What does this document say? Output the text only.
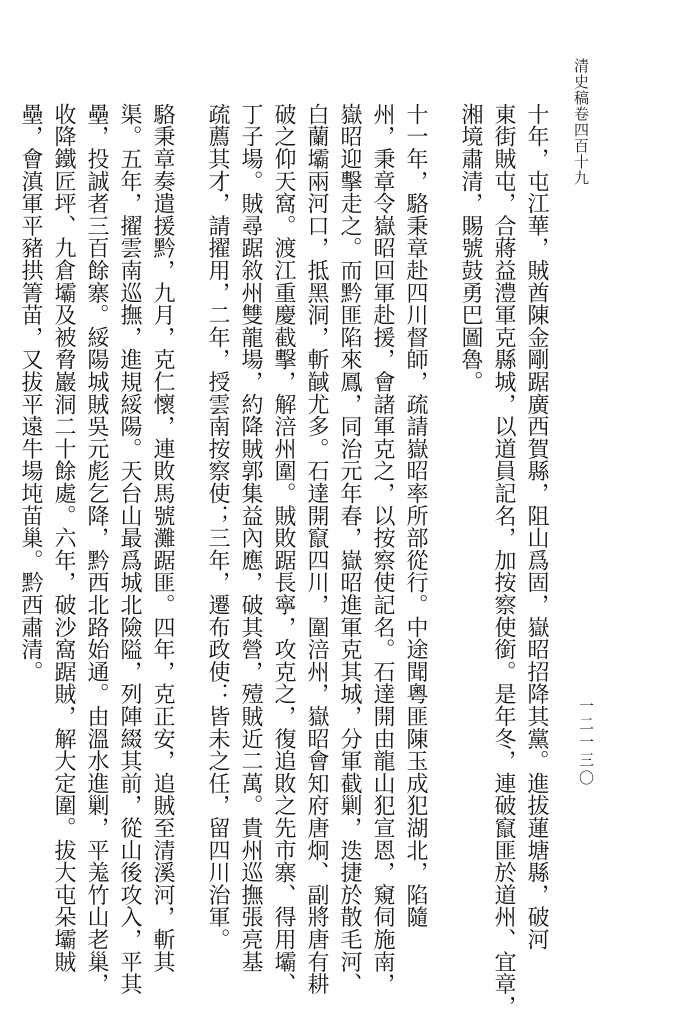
清史稿卷四百十九
一二一三〇
十年，屯江華，賊酋陳金剛踞廣西賀縣，阻山爲固，嶽昭招降其黨。進拔蓮塘縣，破河
東街賊屯，合蔣益澧軍克縣城，以道員記名，加按察使銜。是年冬，連破竄匪於道州、宜章，
湘境肅清，賜號鼓勇巴圖魯。
十一年，駱秉章赴四川督師，疏請嶽昭率所部從行。中途聞粵匪陳玉成犯湖北，陷隨
州，秉章令嶽昭回軍赴援，會諸軍克之，以按察使記名。石達開由龍山犯宣恩，窺伺施南，
嶽昭迎擊走之。而黔匪陷來鳳，同治元年春，嶽昭進軍克其城，分軍截剿，迭捷於散毛河、
白蘭壩兩河口，抵黑洞，斬馘尤多。石達開竄四川，圍涪州，嶽昭會知府唐炯、副將唐有耕
破之仰天窩。渡江重慶截擊，解涪州圍。賊敗踞長寧，攻克之，復追敗之先市寨、得用壩、
丁子場。賊尋踞敘州雙龍場，約降賊郭集益內應，破其營，殪賊近二萬。貴州巡撫張亮基
疏薦其才，請擢用，二年，授雲南按察使；三年，遷布政使：皆未之任，留四川治軍。
駱秉章奏遣援黔，九月，克仁懷，連敗馬號灘踞匪。四年，克正安，追賊至清溪河，斬其
渠。五年，擢雲南巡撫，進規綏陽。天台山最爲城北險隘，列陣綴其前，從山後攻入，平其
壘，投誠者三百餘寨。綏陽城賊吳元彪乞降，黔西北路始通。由溫水進剿，平羗竹山老巢，
收降鐵匠坪、九倉壩及被脅巖洞二十餘處。六年，破沙窩踞賊，解大定圍。拔大屯朵壩賊
壘，會滇軍平豬拱箐苗，又拔平遠牛場坉苗巢。黔西肅清。
